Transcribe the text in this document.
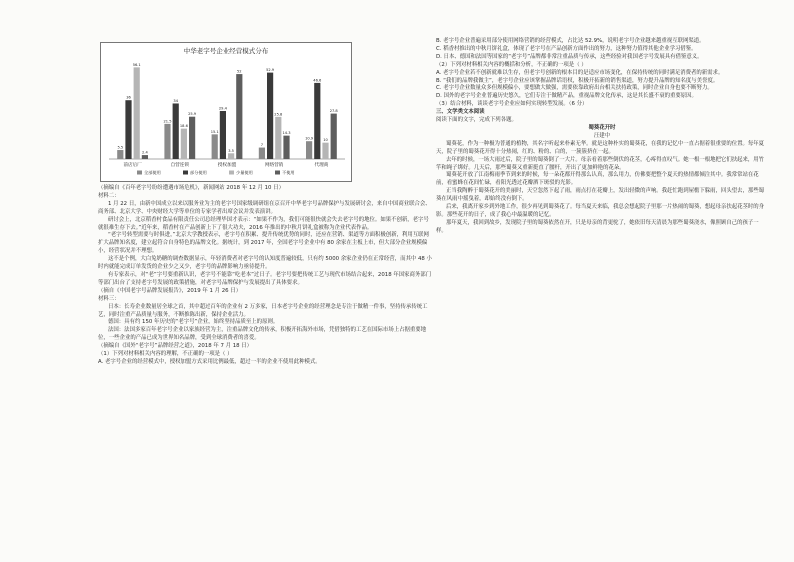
中华老字号企业经营模式分布
5.5
36
56.1
2.4
前店后厂
21.5
34
18.6
25.9
自营连锁
15.1
29.4
3.5
52
授权加盟
7
52.9
25.8
14.3
网络营销
10.9
46.6
10
27.8
代理商
全部使用	部分使用	少量使用	不使用

（摘编自《百年老字号纷纷遭遇市场危机》，新闻网站 2018 年 12 月 10 日）

材料二：

1 月 22 日，由新中国成立以来以服务业为主的老字号国家级调研组在京召开中华老字号品牌保护与发展研讨会，来自中国商业联合会、商务部、北京大学、中央财经大学等单位的专家学者出席会议并发表演讲。

研讨会上，北京稻香村食品有限责任公司总经理毕国才表示：“如果不作为，我们可能很快就会失去老字号的地位。如果不创新，老字号就很难生存下去。”近年来，稻香村在产品创新上下了很大功夫，2016 年推出的中秋月饼礼盒被称为企业代表作品。

“老字号转型需要与时俱进，”北京大学教授表示，老字号在积累、提升传统优势的同时，还应在营销、渠道等方面积极创新，利用互联网扩大品牌知名度，建立起符合自身特色的品牌文化。据统计，到 2017 年，全国老字号企业中有 80 余家在主板上市，但大部分企业规模偏小，经营状况并不理想。

这不是个例，大白兔奶糖的调查数据显示，年轻消费者对老字号的认知度普遍较低，只有约 5000 余家企业仍在正常经营，而其中 48 小时内就能完成订单发货的企业少之又少，老字号的品牌影响力亟待提升。

有专家表示，对“老”字号要重新认识，老字号不能靠“吃老本”过日子。老字号要把传统工艺与现代市场结合起来，2018 年国家商务部门等部门出台了支持老字号发展的政策措施，对老字号品牌保护与发展提出了具体要求。

（摘自《中国老字号品牌发展报告》，2019 年 1 月 26 日）

材料三：

日本：长寿企业数量居全球之首，其中超过百年的企业有 2 万多家，日本老字号企业的经营理念是专注于做精一件事，坚持传承传统工艺，同时注重产品质量与服务，不断推陈出新，保持企业活力。

德国：具有约 150 年历史的“老字号”企业，始终坚持品质至上的原则。

法国：法国多家百年老字号企业以家族经营为主，注重品牌文化的传承，积极开拓海外市场，凭借独特的工艺在国际市场上占据重要地位，一些企业的产品已成为世界知名品牌，受到全球消费者的喜爱。

（摘编自《国外“老字号”品牌经营之道》，2018 年 7 月 18 日）

（1）下列对材料相关内容的理解，不正确的一项是（ ）

A. 老字号企业的经营模式中，授权加盟方式采用比例最低，超过一半的企业不使用此种模式。

B. 老字号企业普遍采用部分使用网络营销的经营模式，占比达 52.9%，说明老字号企业越来越重视互联网渠道。

C. 稻香村推出的中秋月饼礼盒，体现了老字号在产品创新方面作出的努力，这种努力值得其他企业学习借鉴。

D. 日本、德国和法国等国家的“老字号”品牌都非常注重品质与传承，这些经验对我国老字号发展具有借鉴意义。

（2）下列对材料相关内容的概括和分析，不正确的一项是（ ）

A. 老字号企业若不创新就难以生存，但老字号创新的根本目的是适应市场变化，在保持传统的同时满足消费者的新需求。

B. “我们的品牌我做主”，老字号企业应该掌握品牌话语权，积极开拓新的销售渠道，努力提升品牌的知名度与美誉度。

C. 老字号企业数量众多但规模偏小，要想做大做强，需要依靠政府出台相关扶持政策，同时企业自身也要不断努力。

D. 国外的老字号企业普遍历史悠久，它们专注于做精产品，重视品牌文化传承，这是其长盛不衰的重要原因。

（3）结合材料，谈谈老字号企业应如何实现转型发展。（6 分）

三、文学类文本阅读

阅读下面的文字，完成下列各题。

蜀葵花开时

汪建中

蜀葵花，作为一种极为普通的植物，其名字听起来朴素无华。就是这种朴实的蜀葵花，在我的记忆中一直占据着很重要的位置。每年夏天，院子里的蜀葵花开得十分热闹，红的、粉的、白的，一簇簇挤在一起。

去年的时候，一场大雨过后，院子里的蜀葵倒了一大片。母亲看着那些倒伏的花茎，心疼得直叹气。她一根一根地把它们扶起来，用竹竿和绳子绑好。几天后，那些蜀葵又重新挺直了腰杆，开出了更加鲜艳的花朵。

蜀葵花开放了江南梅雨季节到来的时候，每一朵花都开得那么认真，那么用力，仿佛要把整个夏天的热情都倾注其中。我常常站在花前，看蜜蜂在花间忙碌，看阳光透过花瓣洒下斑驳的光影。

正当我陶醉于蜀葵花开的美丽时，天空忽然下起了雨，雨点打在花瓣上，发出轻微的声响。我赶忙跑到屋檐下躲雨，回头望去，那些蜀葵在风雨中摇曳着，却始终没有倒下。

后来，我离开家乡到外地工作，很少再见到蜀葵花了。每当夏天来临，我总会想起院子里那一片热闹的蜀葵，想起母亲扶起花茎时的身影。那些花开的日子，成了我心中最温暖的记忆。

那年夏天，我回到故乡，发现院子里的蜀葵依然在开，只是母亲的背更驼了，她依旧每天清晨为那些蜀葵浇水，像照顾自己的孩子一样。
